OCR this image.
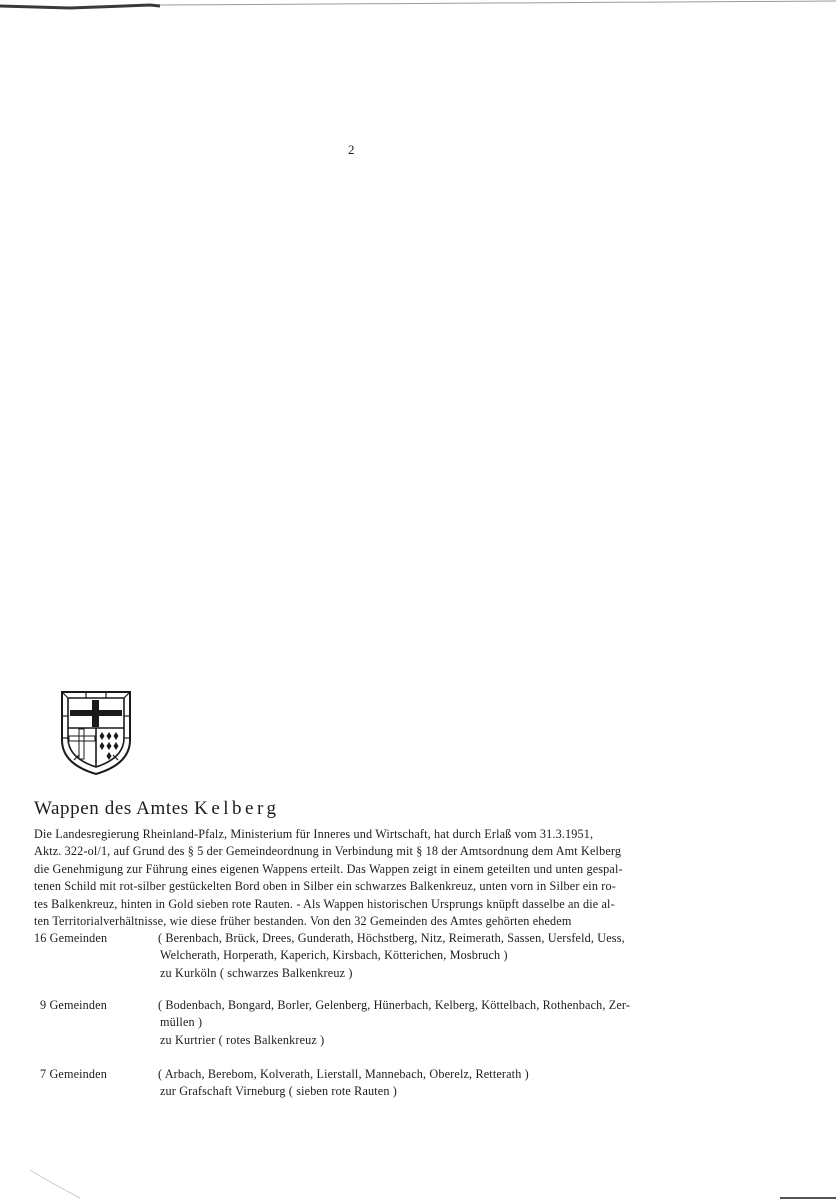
2
Wappen des Amtes Kelberg

Die Landesregierung Rheinland-Pfalz, Ministerium für Inneres und Wirtschaft, hat durch Erlaß vom 31.3.1951,

Aktz. 322-ol/1, auf Grund des § 5 der Gemeindeordnung in Verbindung mit § 18 der Amtsordnung dem Amt Kelberg

die Genehmigung zur Führung eines eigenen Wappens erteilt. Das Wappen zeigt in einem geteilten und unten gespal-

tenen Schild mit rot-silber gestückelten Bord oben in Silber ein schwarzes Balkenkreuz, unten vorn in Silber ein ro-

tes Balkenkreuz, hinten in Gold sieben rote Rauten. - Als Wappen historischen Ursprungs knüpft dasselbe an die al-

ten Territorialverhältnisse, wie diese früher bestanden. Von den 32 Gemeinden des Amtes gehörten ehedem

16 Gemeinden	( Berenbach, Brück, Drees, Gunderath, Höchstberg, Nitz, Reimerath, Sassen, Uersfeld, Uess,
Welcherath, Horperath, Kaperich, Kirsbach, Kötterichen, Mosbruch )
zu Kurköln ( schwarzes Balkenkreuz )
9 Gemeinden	( Bodenbach, Bongard, Borler, Gelenberg, Hünerbach, Kelberg, Köttelbach, Rothenbach, Zer-
müllen )
zu Kurtrier ( rotes Balkenkreuz )
7 Gemeinden	( Arbach, Berebom, Kolverath, Lierstall, Mannebach, Oberelz, Retterath )
zur Grafschaft Virneburg ( sieben rote Rauten )
